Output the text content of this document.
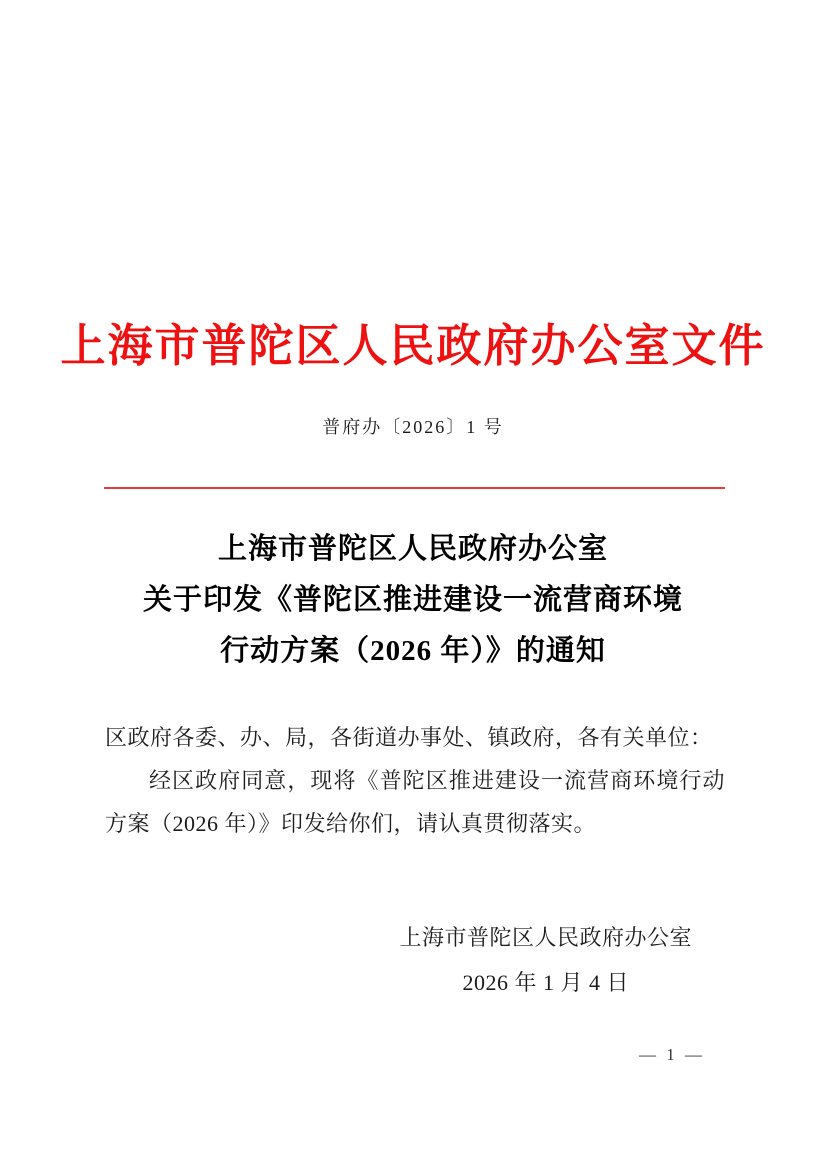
上海市普陀区人民政府办公室文件
普府办〔2026〕1 号
上海市普陀区人民政府办公室
关于印发《普陀区推进建设一流营商环境
行动方案（2026 年）》的通知

区政府各委、办、局，各街道办事处、镇政府，各有关单位：

经区政府同意，现将《普陀区推进建设一流营商环境行动方案（2026 年）》印发给你们，请认真贯彻落实。

上海市普陀区人民政府办公室
2026 年 1 月 4 日
— 1 —
